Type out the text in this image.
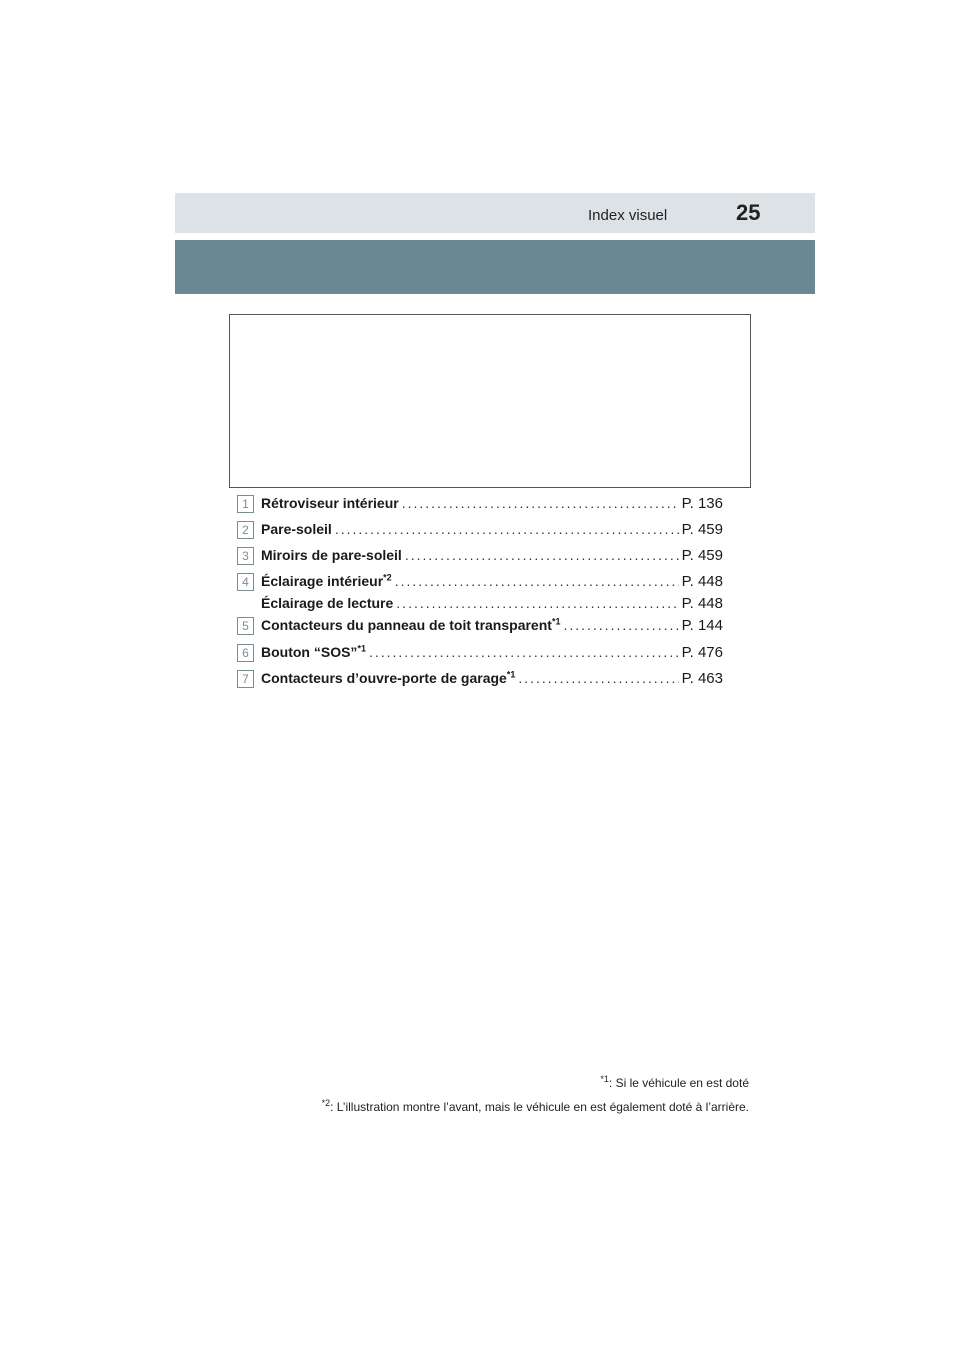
Index visuel	25
1 Rétroviseur intérieur .....	P. 136
2 Pare-soleil .....	P. 459
3 Miroirs de pare-soleil .....	P. 459
4 Éclairage intérieur$^{*2}$ .....	P. 448
Éclairage de lecture .....	P. 448
5 Contacteurs du panneau de toit transparent$^{*1}$ .....	P. 144
6 Bouton “SOS”$^{*1}$ .....	P. 476
7 Contacteurs d’ouvre-porte de garage$^{*1}$ .....	P. 463
$^{*1}$: Si le véhicule en est doté
$^{*2}$: L’illustration montre l’avant, mais le véhicule en est également doté à l’arrière.
